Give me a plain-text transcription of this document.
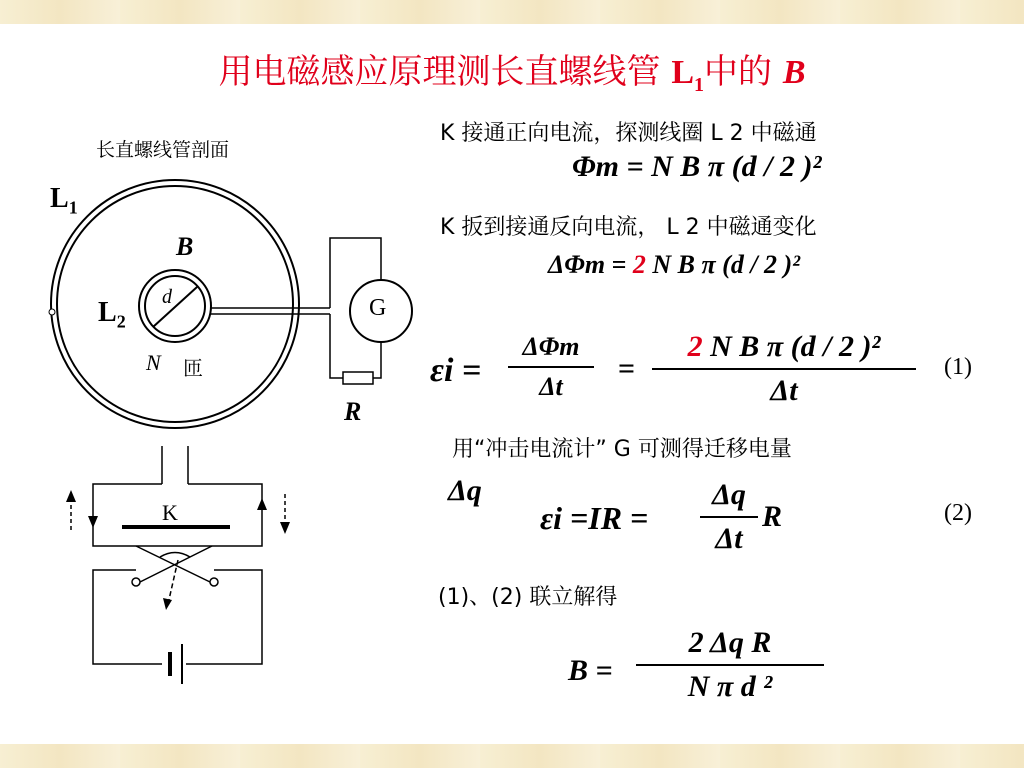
用电磁感应原理测长直螺线管 $L_1$中的 B
长直螺线管剖面
$L_1$
B
$L_2$
d
N 匝
G
R
K
K 接通正向电流，探测线圈 L 2 中磁通
Φm = N B π (d / 2 )²
K 扳到接通反向电流， L 2 中磁通变化
ΔΦm = 2 N B π (d / 2 )²
εi =
ΔΦm
Δt
=
2 N B π (d / 2 )²
Δt
(1)
用“冲击电流计” G 可测得迁移电量
Δq
εi =IR =
Δq
Δt
R	(2)
(1)、(2) 联立解得
B =
2 Δq R
N π d ²
